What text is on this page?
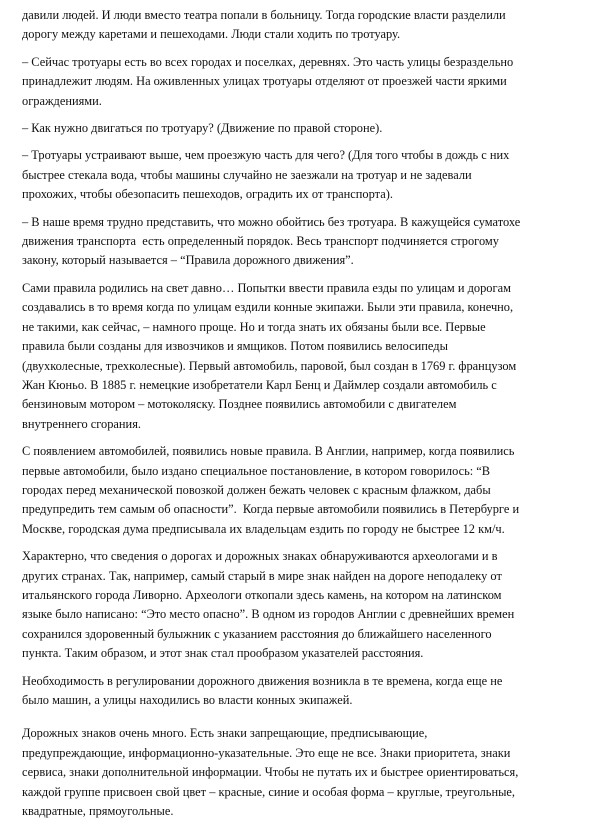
давили людей. И люди вместо театра попали в больницу. Тогда городские власти разделили
дорогу между каретами и пешеходами. Люди стали ходить по тротуару.

– Сейчас тротуары есть во всех городах и поселках, деревнях. Это часть улицы безраздельно
принадлежит людям. На оживленных улицах тротуары отделяют от проезжей части яркими
ограждениями.

– Как нужно двигаться по тротуару? (Движение по правой стороне).

– Тротуары устраивают выше, чем проезжую часть для чего? (Для того чтобы в дождь с них
быстрее стекала вода, чтобы машины случайно не заезжали на тротуар и не задевали
прохожих, чтобы обезопасить пешеходов, оградить их от транспорта).

– В наше время трудно представить, что можно обойтись без тротуара. В кажущейся суматохе
движения транспорта  есть определенный порядок. Весь транспорт подчиняется строгому
закону, который называется – “Правила дорожного движения”.

Сами правила родились на свет давно… Попытки ввести правила езды по улицам и дорогам
создавались в то время когда по улицам ездили конные экипажи. Были эти правила, конечно,
не такими, как сейчас, – намного проще. Но и тогда знать их обязаны были все. Первые
правила были созданы для извозчиков и ямщиков. Потом появились велосипеды
(двухколесные, трехколесные). Первый автомобиль, паровой, был создан в 1769 г. французом
Жан Кюньо. В 1885 г. немецкие изобретатели Карл Бенц и Даймлер создали автомобиль с
бензиновым мотором – мотоколяску. Позднее появились автомобили с двигателем
внутреннего сгорания.

С появлением автомобилей, появились новые правила. В Англии, например, когда появились
первые автомобили, было издано специальное постановление, в котором говорилось: “В
городах перед механической повозкой должен бежать человек с красным флажком, дабы
предупредить тем самым об опасности”.  Когда первые автомобили появились в Петербурге и
Москве, городская дума предписывала их владельцам ездить по городу не быстрее 12 км/ч.

Характерно, что сведения о дорогах и дорожных знаках обнаруживаются археологами и в
других странах. Так, например, самый старый в мире знак найден на дороге неподалеку от
итальянского города Ливорно. Археологи откопали здесь камень, на котором на латинском
языке было написано: “Это место опасно”. В одном из городов Англии с древнейших времен
сохранился здоровенный булыжник с указанием расстояния до ближайшего населенного
пункта. Таким образом, и этот знак стал прообразом указателей расстояния.

Необходимость в регулировании дорожного движения возникла в те времена, когда еще не
было машин, а улицы находились во власти конных экипажей.

Дорожных знаков очень много. Есть знаки запрещающие, предписывающие,
предупреждающие, информационно-указательные. Это еще не все. Знаки приоритета, знаки
сервиса, знаки дополнительной информации. Чтобы не путать их и быстрее ориентироваться,
каждой группе присвоен свой цвет – красные, синие и особая форма – круглые, треугольные,
квадратные, прямоугольные.
